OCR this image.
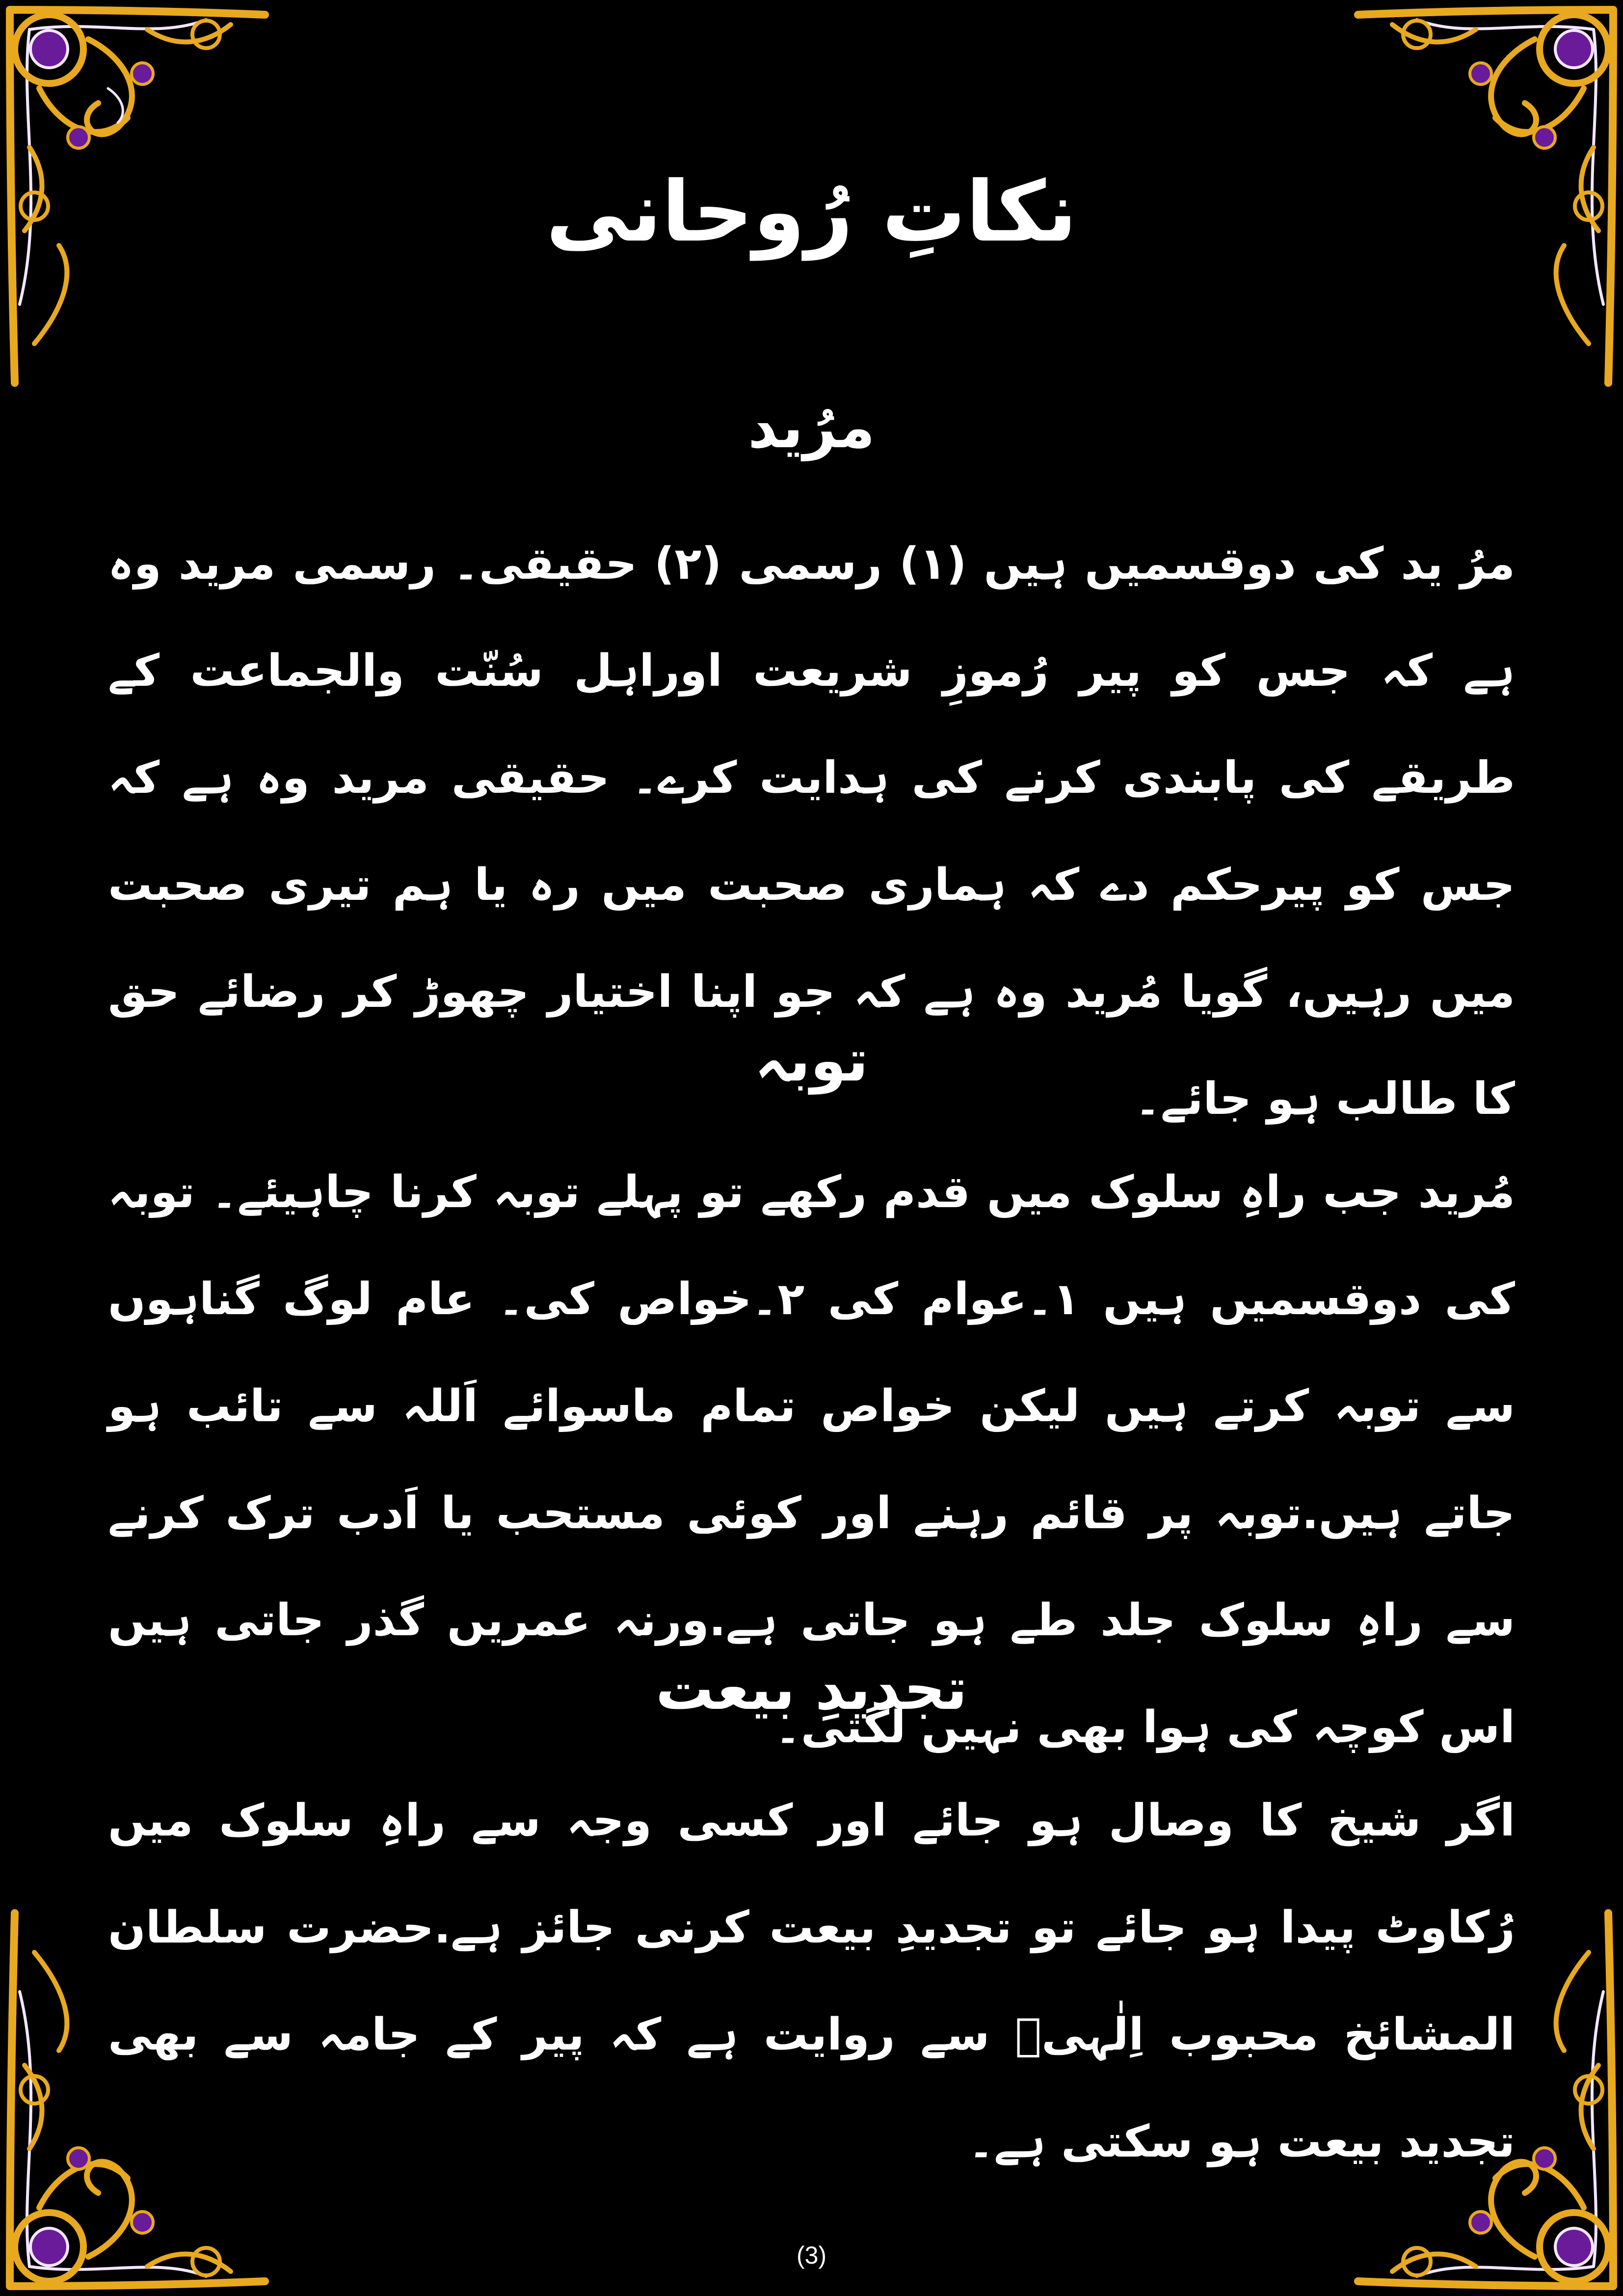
نکاتِ رُوحانی
مرُید
مرُ ید کی دوقسمیں ہیں (۱) رسمی (۲) حقیقی۔ رسمی مرید وہ ہے کہ جس کو پیر رُموزِ شریعت اوراہل سُنّت والجماعت کے طریقے کی پابندی کرنے کی ہدایت کرے۔ حقیقی مرید وہ ہے کہ جس کو پیرحکم دے کہ ہماری صحبت میں رہ یا ہم تیری صحبت میں رہیں، گویا مُرید وہ ہے کہ جو اپنا اختیار چھوڑ کر رضائے حق کا طالب ہو جائے۔
توبہ
مُرید جب راہِ سلوک میں قدم رکھے تو پہلے توبہ کرنا چاہیئے۔ توبہ کی دوقسمیں ہیں ۱۔عوام کی ۲۔خواص کی۔ عام لوگ گناہوں سے توبہ کرتے ہیں لیکن خواص تمام ماسوائے اَللہ سے تائب ہو جاتے ہیں.توبہ پر قائم رہنے اور کوئی مستحب یا اَدب ترک کرنے سے راہِ سلوک جلد طے ہو جاتی ہے.ورنہ عمریں گذر جاتی ہیں اس کوچہ کی ہوا بھی نہیں لگتی۔
تجدیدِ بیعت
اگر شیخ کا وصال ہو جائے اور کسی وجہ سے راہِ سلوک میں رُکاوٹ پیدا ہو جائے تو تجدیدِ بیعت کرنی جائز ہے.حضرت سلطان المشائخ محبوب اِلٰہیؒ سے روایت ہے کہ پیر کے جامہ سے بھی تجدید بیعت ہو سکتی ہے۔
(3)
